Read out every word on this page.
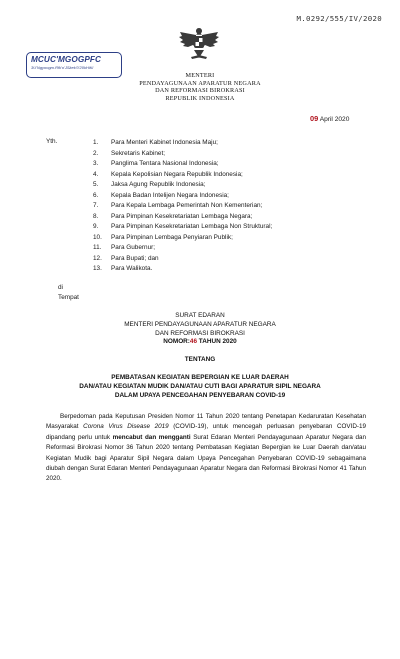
M.0292/555/IV/2020
MCUC'MGOGPFC
3U'Ngyoogm.Rfk'o'JSkek'0'20kHiKi
MENTERI
PENDAYAGUNAAN APARATUR NEGARA
DAN REFORMASI BIROKRASI
REPUBLIK INDONESIA
09 April 2020
Yth.	1. Para Menteri Kabinet Indonesia Maju;
2. Sekretaris Kabinet;
3. Panglima Tentara Nasional Indonesia;
4. Kepala Kepolisian Negara Republik Indonesia;
5. Jaksa Agung Republik Indonesia;
6. Kepala Badan Intelijen Negara Indonesia;
7. Para Kepala Lembaga Pemerintah Non Kementerian;
8. Para Pimpinan Kesekretariatan Lembaga Negara;
9. Para Pimpinan Kesekretariatan Lembaga Non Struktural;
10. Para Pimpinan Lembaga Penyiaran Publik;
11. Para Gubernur;
12. Para Bupati; dan
13. Para Walikota.
di
Tempat
SURAT EDARAN
MENTERI PENDAYAGUNAAN APARATUR NEGARA
DAN REFORMASI BIROKRASI
NOMOR:46 TAHUN 2020
TENTANG
PEMBATASAN KEGIATAN BEPERGIAN KE LUAR DAERAH
DAN/ATAU KEGIATAN MUDIK DAN/ATAU CUTI BAGI APARATUR SIPIL NEGARA
DALAM UPAYA PENCEGAHAN PENYEBARAN COVID-19
Berpedoman pada Keputusan Presiden Nomor 11 Tahun 2020 tentang Penetapan Kedaruratan Kesehatan Masyarakat Corona Virus Disease 2019 (COVID-19), untuk mencegah perluasan penyebaran COVID-19 dipandang perlu untuk mencabut dan mengganti Surat Edaran Menteri Pendayagunaan Aparatur Negara dan Reformasi Birokrasi Nomor 36 Tahun 2020 tentang Pembatasan Kegiatan Bepergian ke Luar Daerah dan/atau Kegiatan Mudik bagi Aparatur Sipil Negara dalam Upaya Pencegahan Penyebaran COVID-19 sebagaimana diubah dengan Surat Edaran Menteri Pendayagunaan Aparatur Negara dan Reformasi Birokrasi Nomor 41 Tahun 2020.
